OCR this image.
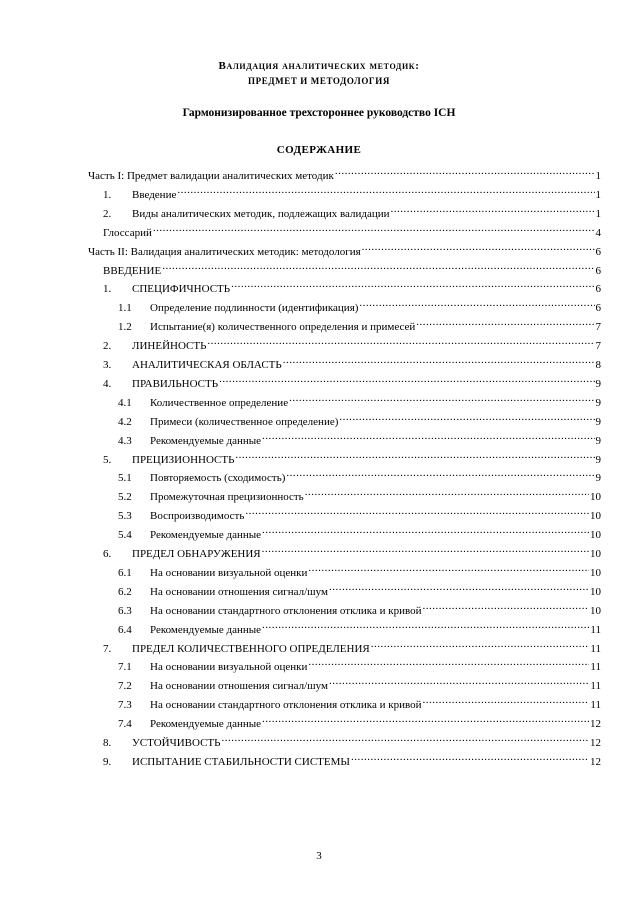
Валидация аналитических методик:
ПРЕДМЕТ И МЕТОДОЛОГИЯ
Гармонизированное трехстороннее руководство ICH
СОДЕРЖАНИЕ
Часть I: Предмет валидации аналитических методик .....	1
1.	Введение .....	1
2.	Виды аналитических методик, подлежащих валидации .....	1
Глоссарий .....	4
Часть II: Валидация аналитических методик: методология .....	6
ВВЕДЕНИЕ .....	6
1.	СПЕЦИФИЧНОСТЬ .....	6
1.1	Определение подлинности (идентификация) .....	6
1.2	Испытание(я) количественного определения и примесей .....	7
2.	ЛИНЕЙНОСТЬ .....	7
3.	АНАЛИТИЧЕСКАЯ ОБЛАСТЬ .....	8
4.	ПРАВИЛЬНОСТЬ .....	9
4.1	Количественное определение .....	9
4.2	Примеси (количественное определение) .....	9
4.3	Рекомендуемые данные .....	9
5.	ПРЕЦИЗИОННОСТЬ .....	9
5.1	Повторяемость (сходимость) .....	9
5.2	Промежуточная прецизионность .....	10
5.3	Воспроизводимость .....	10
5.4	Рекомендуемые данные .....	10
6.	ПРЕДЕЛ ОБНАРУЖЕНИЯ .....	10
6.1	На основании визуальной оценки .....	10
6.2	На основании отношения сигнал/шум .....	10
6.3	На основании стандартного отклонения отклика и кривой .....	10
6.4	Рекомендуемые данные .....	11
7.	ПРЕДЕЛ КОЛИЧЕСТВЕННОГО ОПРЕДЕЛЕНИЯ .....	11
7.1	На основании визуальной оценки .....	11
7.2	На основании отношения сигнал/шум .....	11
7.3	На основании стандартного отклонения отклика и кривой .....	11
7.4	Рекомендуемые данные .....	12
8.	УСТОЙЧИВОСТЬ .....	12
9.	ИСПЫТАНИЕ СТАБИЛЬНОСТИ СИСТЕМЫ .....	12
3
